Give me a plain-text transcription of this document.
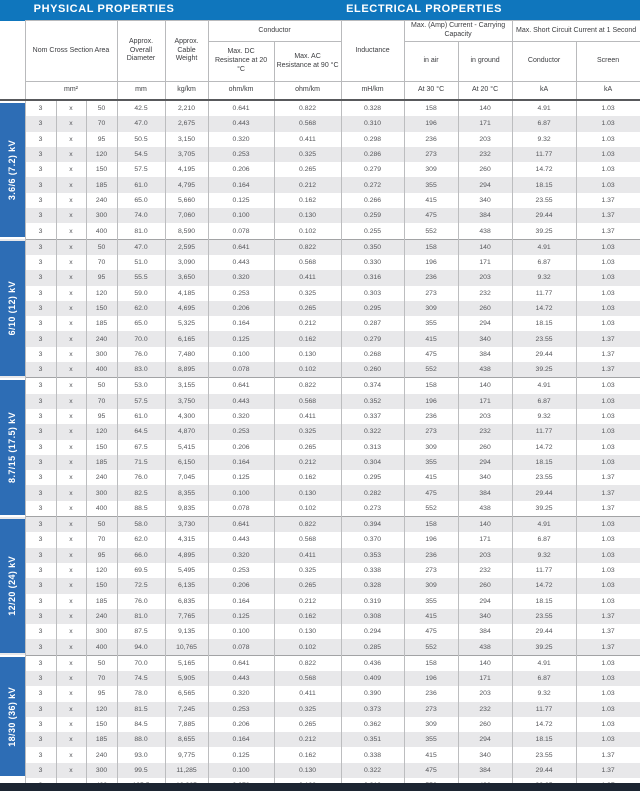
PHYSICAL PROPERTIES						ELECTRICAL PROPERTIES						
	Nom Cross Section Area			Approx. Overall Diameter	Approx. Cable Weight	Conductor		Inductance	Max. (Amp) Current - Carrying Capacity		Max. Short Circuit Current at 1 Second	
						Max. DC Resistance at 20 °C	Max. AC Resistance at 90 °C		in air	in ground	Conductor	Screen
	mm²			mm	kg/km	ohm/km	ohm/km	mH/km	At 30 °C	At 20 °C	kA	kA

3.6/6 (7.2) kV	3	x	50	42.5	2,210	0.641	0.822	0.328	158	140	4.91	1.03
	3	x	70	47.0	2,675	0.443	0.568	0.310	196	171	6.87	1.03
	3	x	95	50.5	3,150	0.320	0.411	0.298	236	203	9.32	1.03
	3	x	120	54.5	3,705	0.253	0.325	0.286	273	232	11.77	1.03
	3	x	150	57.5	4,195	0.206	0.265	0.279	309	260	14.72	1.03
	3	x	185	61.0	4,795	0.164	0.212	0.272	355	294	18.15	1.03
	3	x	240	65.0	5,660	0.125	0.162	0.266	415	340	23.55	1.37
	3	x	300	74.0	7,060	0.100	0.130	0.259	475	384	29.44	1.37
	3	x	400	81.0	8,590	0.078	0.102	0.255	552	438	39.25	1.37

6/10 (12) kV	3	x	50	47.0	2,595	0.641	0.822	0.350	158	140	4.91	1.03
	3	x	70	51.0	3,090	0.443	0.568	0.330	196	171	6.87	1.03
	3	x	95	55.5	3,650	0.320	0.411	0.316	236	203	9.32	1.03
	3	x	120	59.0	4,185	0.253	0.325	0.303	273	232	11.77	1.03
	3	x	150	62.0	4,695	0.206	0.265	0.295	309	260	14.72	1.03
	3	x	185	65.0	5,325	0.164	0.212	0.287	355	294	18.15	1.03
	3	x	240	70.0	6,165	0.125	0.162	0.279	415	340	23.55	1.37
	3	x	300	76.0	7,480	0.100	0.130	0.268	475	384	29.44	1.37
	3	x	400	83.0	8,895	0.078	0.102	0.260	552	438	39.25	1.37

8.7/15 (17.5) kV	3	x	50	53.0	3,155	0.641	0.822	0.374	158	140	4.91	1.03
	3	x	70	57.5	3,750	0.443	0.568	0.352	196	171	6.87	1.03
	3	x	95	61.0	4,300	0.320	0.411	0.337	236	203	9.32	1.03
	3	x	120	64.5	4,870	0.253	0.325	0.322	273	232	11.77	1.03
	3	x	150	67.5	5,415	0.206	0.265	0.313	309	260	14.72	1.03
	3	x	185	71.5	6,150	0.164	0.212	0.304	355	294	18.15	1.03
	3	x	240	76.0	7,045	0.125	0.162	0.295	415	340	23.55	1.37
	3	x	300	82.5	8,355	0.100	0.130	0.282	475	384	29.44	1.37
	3	x	400	88.5	9,835	0.078	0.102	0.273	552	438	39.25	1.37

12/20 (24) kV	3	x	50	58.0	3,730	0.641	0.822	0.394	158	140	4.91	1.03
	3	x	70	62.0	4,315	0.443	0.568	0.370	196	171	6.87	1.03
	3	x	95	66.0	4,895	0.320	0.411	0.353	236	203	9.32	1.03
	3	x	120	69.5	5,495	0.253	0.325	0.338	273	232	11.77	1.03
	3	x	150	72.5	6,135	0.206	0.265	0.328	309	260	14.72	1.03
	3	x	185	76.0	6,835	0.164	0.212	0.319	355	294	18.15	1.03
	3	x	240	81.0	7,765	0.125	0.162	0.308	415	340	23.55	1.37
	3	x	300	87.5	9,135	0.100	0.130	0.294	475	384	29.44	1.37
	3	x	400	94.0	10,765	0.078	0.102	0.285	552	438	39.25	1.37

18/30 (36) kV	3	x	50	70.0	5,165	0.641	0.822	0.436	158	140	4.91	1.03
	3	x	70	74.5	5,905	0.443	0.568	0.409	196	171	6.87	1.03
	3	x	95	78.0	6,565	0.320	0.411	0.390	236	203	9.32	1.03
	3	x	120	81.5	7,245	0.253	0.325	0.373	273	232	11.77	1.03
	3	x	150	84.5	7,885	0.206	0.265	0.362	309	260	14.72	1.03
	3	x	185	88.0	8,655	0.164	0.212	0.351	355	294	18.15	1.03
	3	x	240	93.0	9,775	0.125	0.162	0.338	415	340	23.55	1.37
	3	x	300	99.5	11,285	0.100	0.130	0.322	475	384	29.44	1.37
